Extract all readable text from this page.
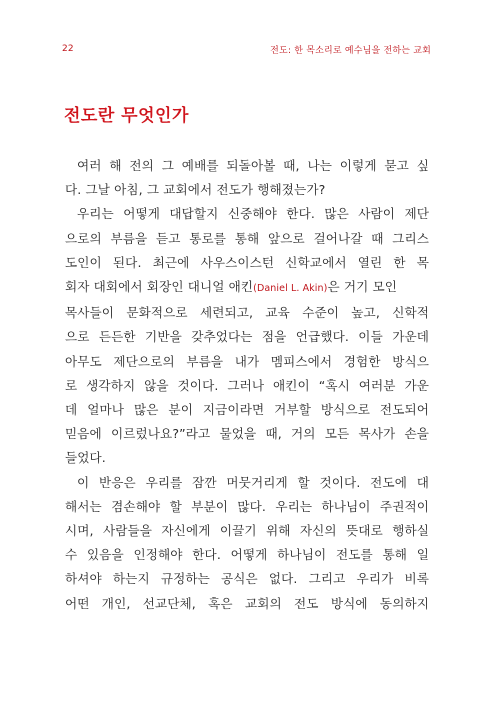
22	전도: 한 목소리로 예수님을 전하는 교회
전도란 무엇인가

여러 해 전의 그 예배를 되돌아볼 때, 나는 이렇게 묻고 싶
다. 그날 아침, 그 교회에서 전도가 행해졌는가?

우리는 어떻게 대답할지 신중해야 한다. 많은 사람이 제단
으로의 부름을 듣고 통로를 통해 앞으로 걸어나갈 때 그리스
도인이 된다. 최근에 사우스이스턴 신학교에서 열린 한 목
회자 대회에서 회장인 대니얼 애킨(Daniel L. Akin)은 거기 모인
목사들이 문화적으로 세련되고, 교육 수준이 높고, 신학적
으로 든든한 기반을 갖추었다는 점을 언급했다. 이들 가운데
아무도 제단으로의 부름을 내가 멤피스에서 경험한 방식으
로 생각하지 않을 것이다. 그러나 애킨이 “혹시 여러분 가운
데 얼마나 많은 분이 지금이라면 거부할 방식으로 전도되어
믿음에 이르렀나요?”라고 물었을 때, 거의 모든 목사가 손을
들었다.

이 반응은 우리를 잠깐 머뭇거리게 할 것이다. 전도에 대
해서는 겸손해야 할 부분이 많다. 우리는 하나님이 주권적이
시며, 사람들을 자신에게 이끌기 위해 자신의 뜻대로 행하실
수 있음을 인정해야 한다. 어떻게 하나님이 전도를 통해 일
하셔야 하는지 규정하는 공식은 없다. 그리고 우리가 비록
어떤 개인, 선교단체, 혹은 교회의 전도 방식에 동의하지
